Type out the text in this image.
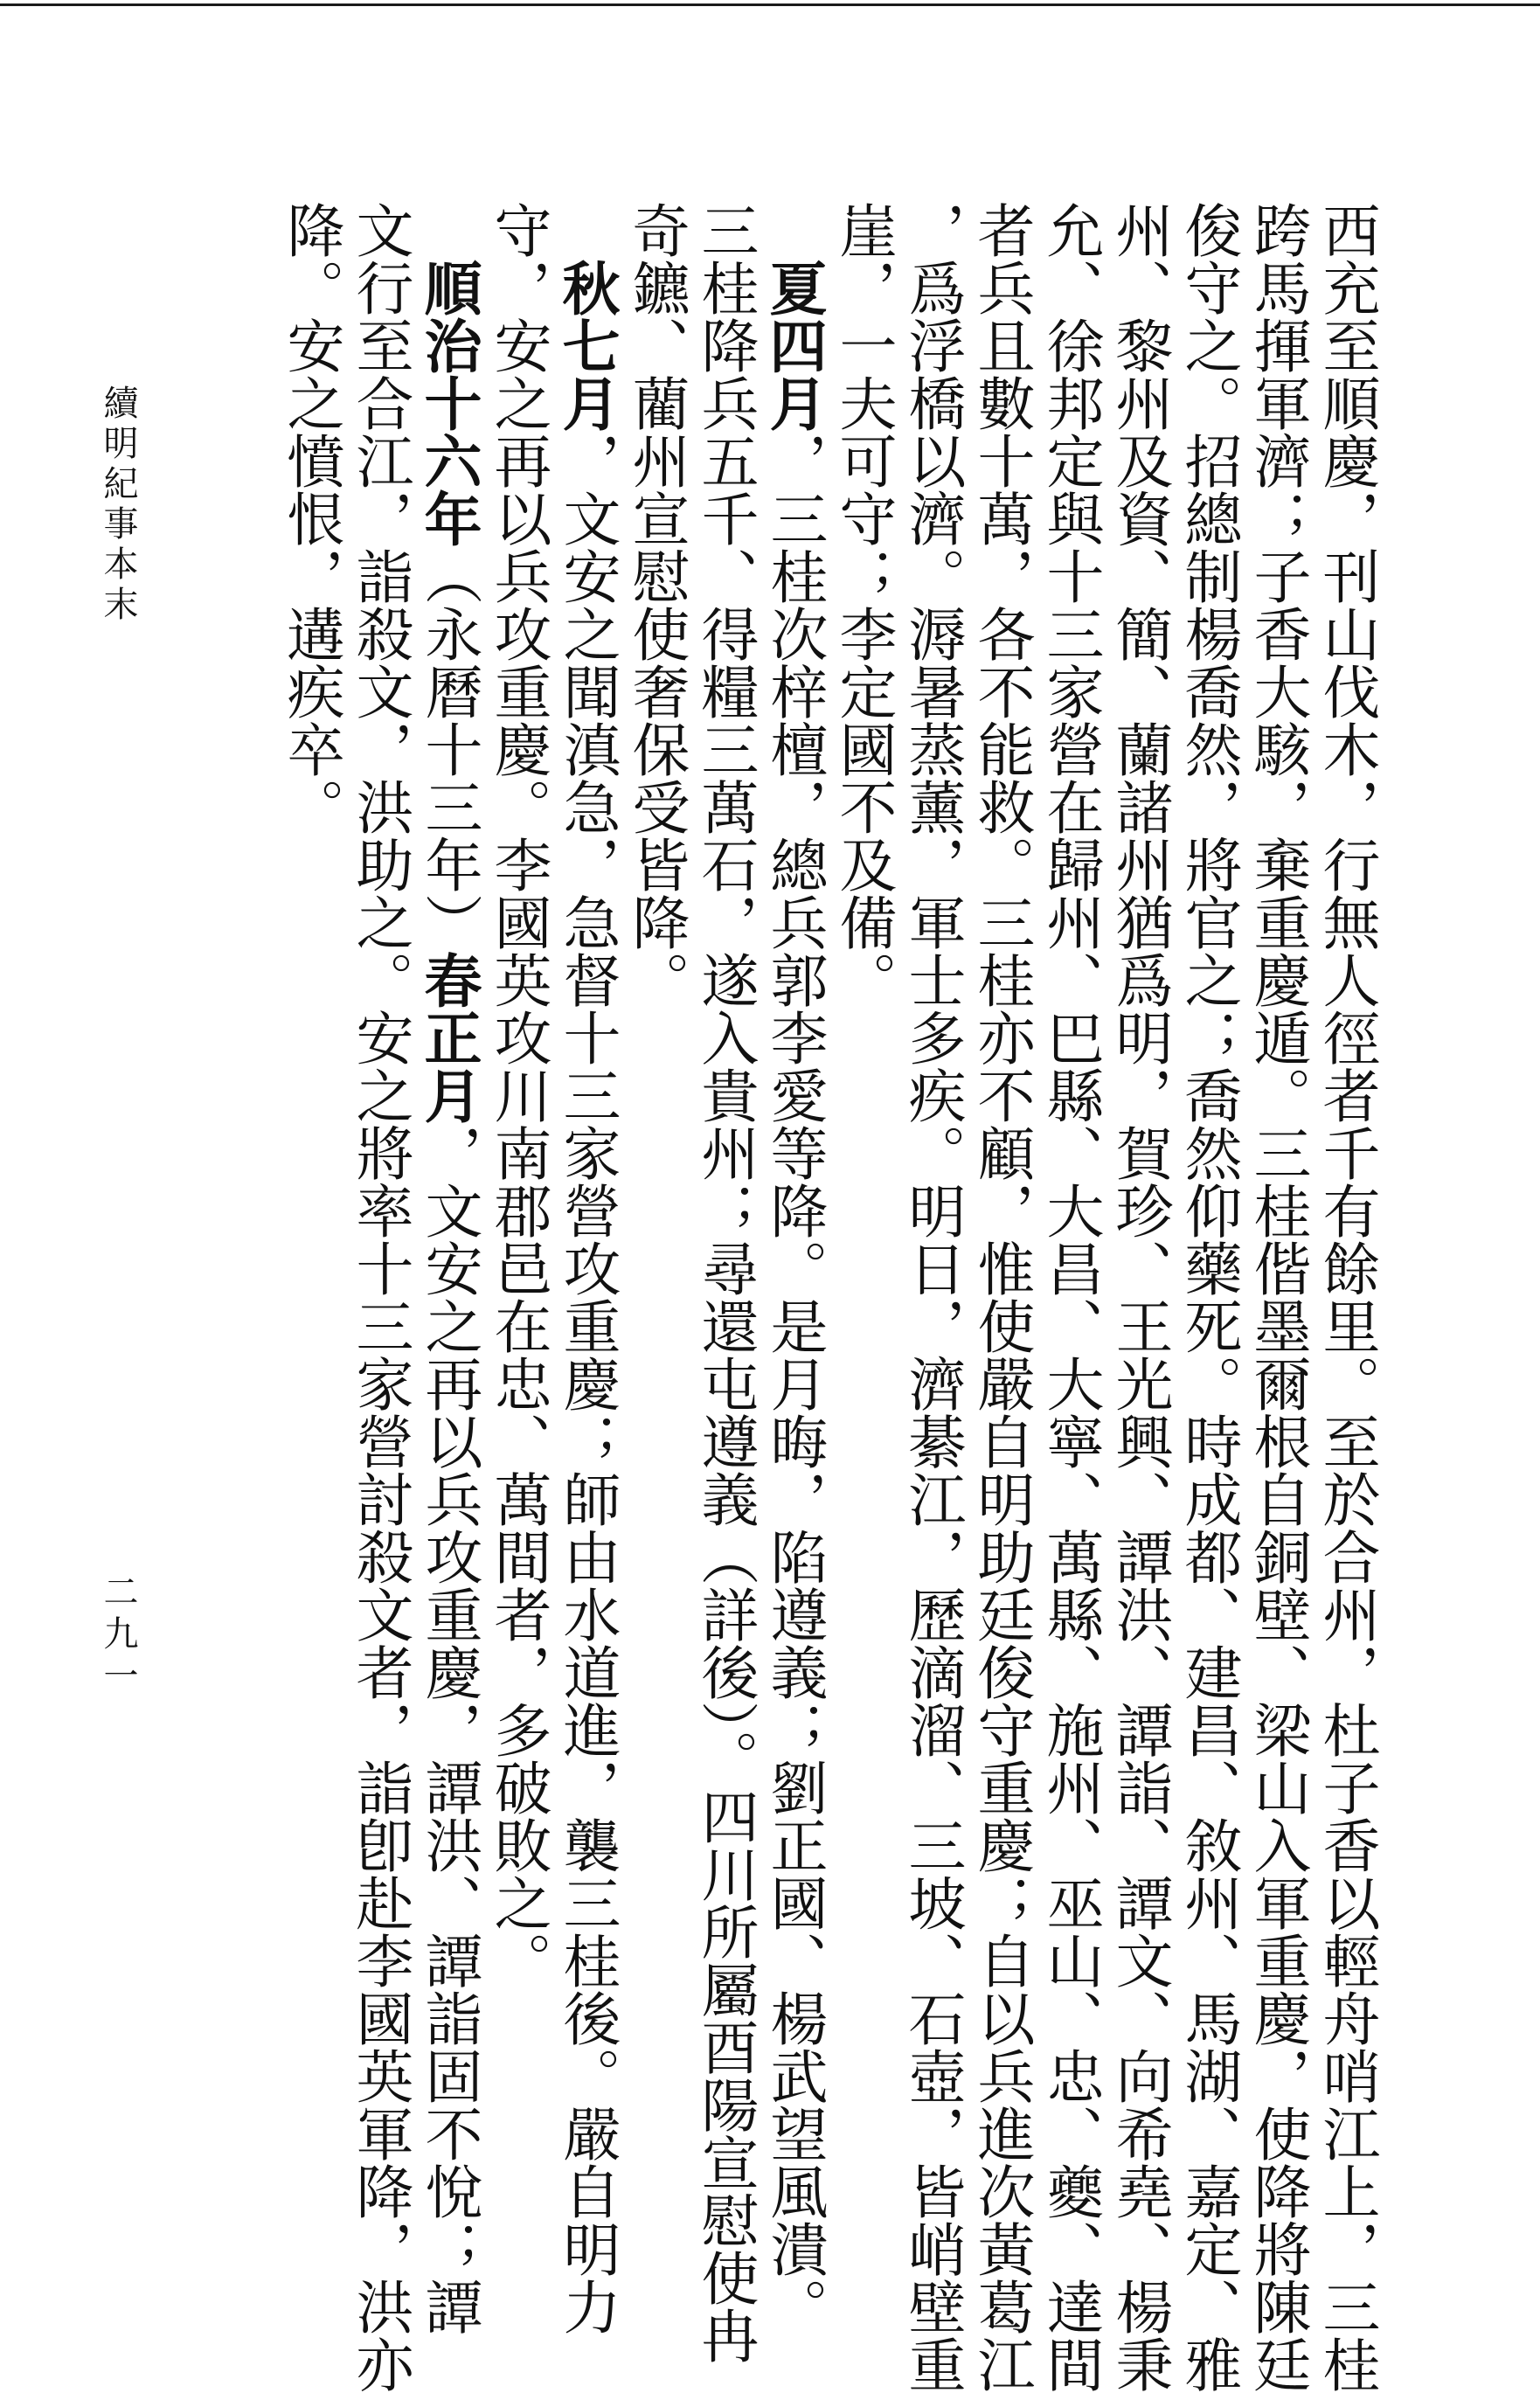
西充至順慶，刊山伐木，行無人徑者千有餘里。至於合州，杜子香以輕舟哨江上，三桂
跨馬揮軍濟；子香大駭，棄重慶遁。三桂偕墨爾根自銅壁、梁山入軍重慶，使降將陳廷
俊守之。招總制楊喬然，將官之；喬然仰藥死。時成都、建昌、敘州、馬湖、嘉定、雅
州、黎州及資、簡、蘭諸州猶爲明，賀珍、王光興、譚洪、譚詣、譚文、向希堯、楊秉
允、徐邦定與十三家營在歸州、巴縣、大昌、大寧、萬縣、施州、巫山、忠、夔、達間
者兵且數十萬，各不能救。三桂亦不顧，惟使嚴自明助廷俊守重慶；自以兵進次黃葛江
，爲浮橋以濟。溽暑蒸薰，軍士多疾。明日，濟綦江，歷滴溜、三坡、石壺，皆峭壁重
崖，一夫可守；李定國不及備。
　夏四月，三桂次梓檀，總兵郭李愛等降。是月晦，陷遵義；劉正國、楊武望風潰。
三桂降兵五千、得糧三萬石，遂入貴州；尋還屯遵義（詳後）。四川所屬酉陽宣慰使冉
奇鑣、藺州宣慰使奢保受皆降。
　秋七月，文安之聞滇急，急督十三家營攻重慶；師由水道進，襲三桂後。嚴自明力
守，安之再以兵攻重慶。李國英攻川南郡邑在忠、萬間者，多破敗之。
　順治十六年（永曆十三年）春正月，文安之再以兵攻重慶，譚洪、譚詣固不悅；譚
文行至合江，詣殺文，洪助之。安之將率十三家營討殺文者，詣卽赴李國英軍降，洪亦
降。安之憤恨，遘疾卒。
續明紀事本末
二九一
